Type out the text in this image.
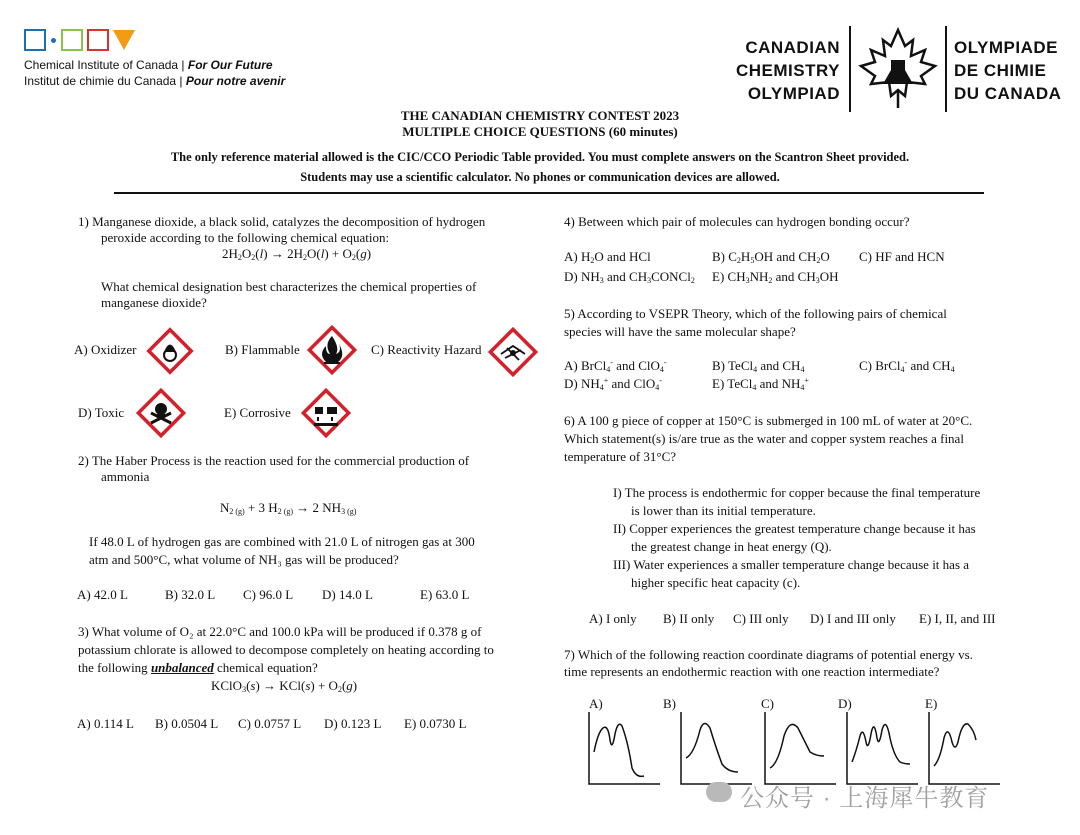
Chemical Institute of Canada | For Our Future
Institut de chimie du Canada | Pour notre avenir
CANADIAN
CHEMISTRY
OLYMPIAD
OLYMPIADE
DE CHIMIE
DU CANADA
THE CANADIAN CHEMISTRY CONTEST 2023
MULTIPLE CHOICE QUESTIONS (60 minutes)
The only reference material allowed is the CIC/CCO Periodic Table provided. You must complete answers on the Scantron Sheet provided.
Students may use a scientific calculator. No phones or communication devices are allowed.
1) Manganese dioxide, a black solid, catalyzes the decomposition of hydrogen
peroxide according to the following chemical equation:
$2H_2O_2(l) \to 2H_2O(l) + O_2(g)$
What chemical designation best characterizes the chemical properties of
manganese dioxide?
A) Oxidizer	B) Flammable	C) Reactivity Hazard
D) Toxic	E) Corrosive
2) The Haber Process is the reaction used for the commercial production of
ammonia
$N_{2 (g)} + 3$ $H_{2 (g)} \to 2$ $NH_{3 (g)}$
If 48.0 L of hydrogen gas are combined with 21.0 L of nitrogen gas at 300
atm and 500°C, what volume of NH₃ gas will be produced?
A) 42.0 L	B) 32.0 L C) 96.0 L D) 14.0 L	E) 63.0 L
3) What volume of O₂ at 22.0°C and 100.0 kPa will be produced if 0.378 g of
potassium chlorate is allowed to decompose completely on heating according to
the following unbalanced chemical equation?
KClO$_3$(s) → $KCl(s) + O_2(g)$
A) 0.114 L B) 0.0504 L C) 0.0757 L D) 0.123 L E) 0.0730 L
4) Between which pair of molecules can hydrogen bonding occur?
A) $H_2O$ and HCl	B) $C_2H_5OH$ and $CH_2O$ C) HF and HCN
D) $NH_3$ and $CH_3CONCl_2$ E) $CH_3NH_2$ and $CH_3OH$
5) According to VSEPR Theory, which of the following pairs of chemical
species will have the same molecular shape?
A) BrCl$_4$- and ClO$_4$-	B) TeCl$_4$ and $CH_4$	C) BrCl$_4$- and $CH_4$
D) $NH_4^+$ and ClO$_4$-	E) TeCl$_4$ and $NH_4^+$
6) A 100 g piece of copper at 150°C is submerged in 100 mL of water at 20°C.
Which statement(s) is/are true as the water and copper system reaches a final
temperature of 31°C?
I) The process is endothermic for copper because the final temperature
is lower than its initial temperature.
II) Copper experiences the greatest temperature change because it has
the greatest change in heat energy (Q).
III) Water experiences a smaller temperature change because it has a
higher specific heat capacity (c).
A) I only B) II only C) III only D) I and III only E) I, II, and III
7) Which of the following reaction coordinate diagrams of potential energy vs.
time represents an endothermic reaction with one reaction intermediate?
A)	B)	C)	D)	E)
公众号 · 上海犀牛教育
